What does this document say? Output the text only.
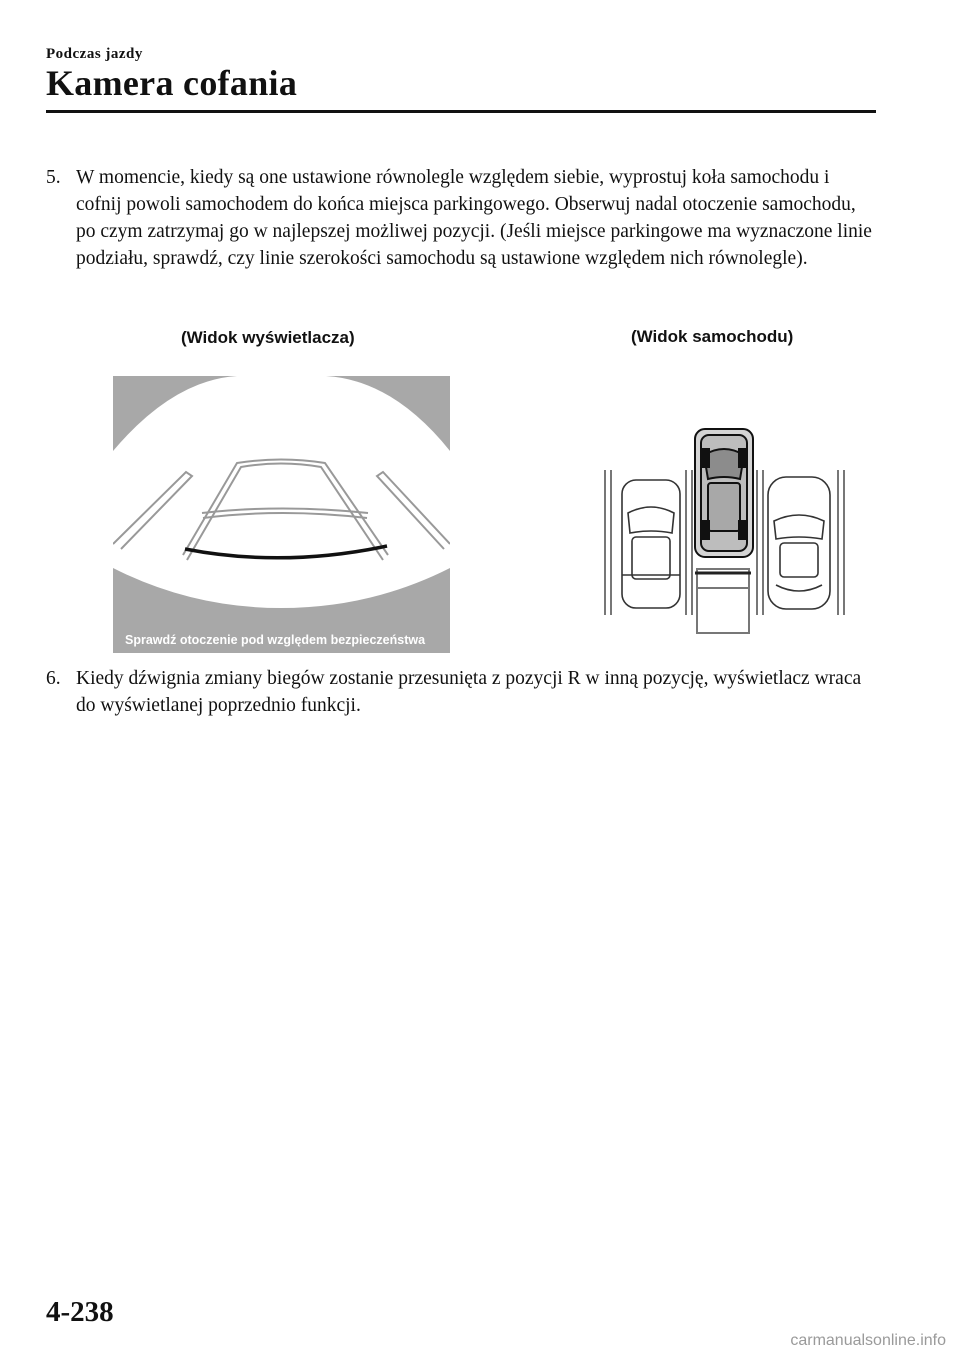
Podczas jazdy
Kamera cofania
5. W momencie, kiedy są one ustawione równolegle względem siebie, wyprostuj koła samochodu i cofnij powoli samochodem do końca miejsca parkingowego. Obserwuj nadal otoczenie samochodu, po czym zatrzymaj go w najlepszej możliwej pozycji. (Jeśli miejsce parkingowe ma wyznaczone linie podziału, sprawdź, czy linie szerokości samochodu są ustawione względem nich równolegle).
(Widok wyświetlacza)	(Widok samochodu)
Sprawdź otoczenie pod względem bezpieczeństwa
6. Kiedy dźwignia zmiany biegów zostanie przesunięta z pozycji R w inną pozycję, wyświetlacz wraca do wyświetlanej poprzednio funkcji.
4-238
carmanualsonline.info
